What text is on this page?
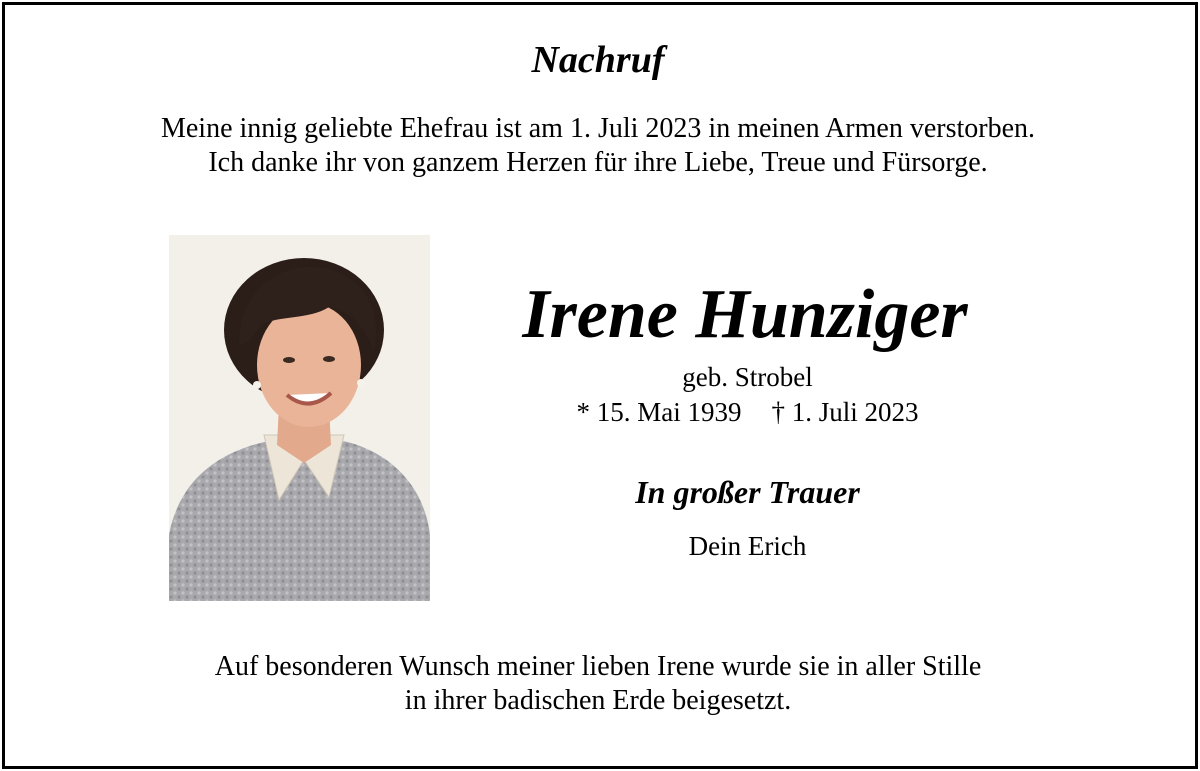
Nachruf
Meine innig geliebte Ehefrau ist am 1. Juli 2023 in meinen Armen verstorben.
Ich danke ihr von ganzem Herzen für ihre Liebe, Treue und Fürsorge.
Irene Hunziger
geb. Strobel
* 15. Mai 1939 † 1. Juli 2023
In großer Trauer
Dein Erich
Auf besonderen Wunsch meiner lieben Irene wurde sie in aller Stille
in ihrer badischen Erde beigesetzt.
